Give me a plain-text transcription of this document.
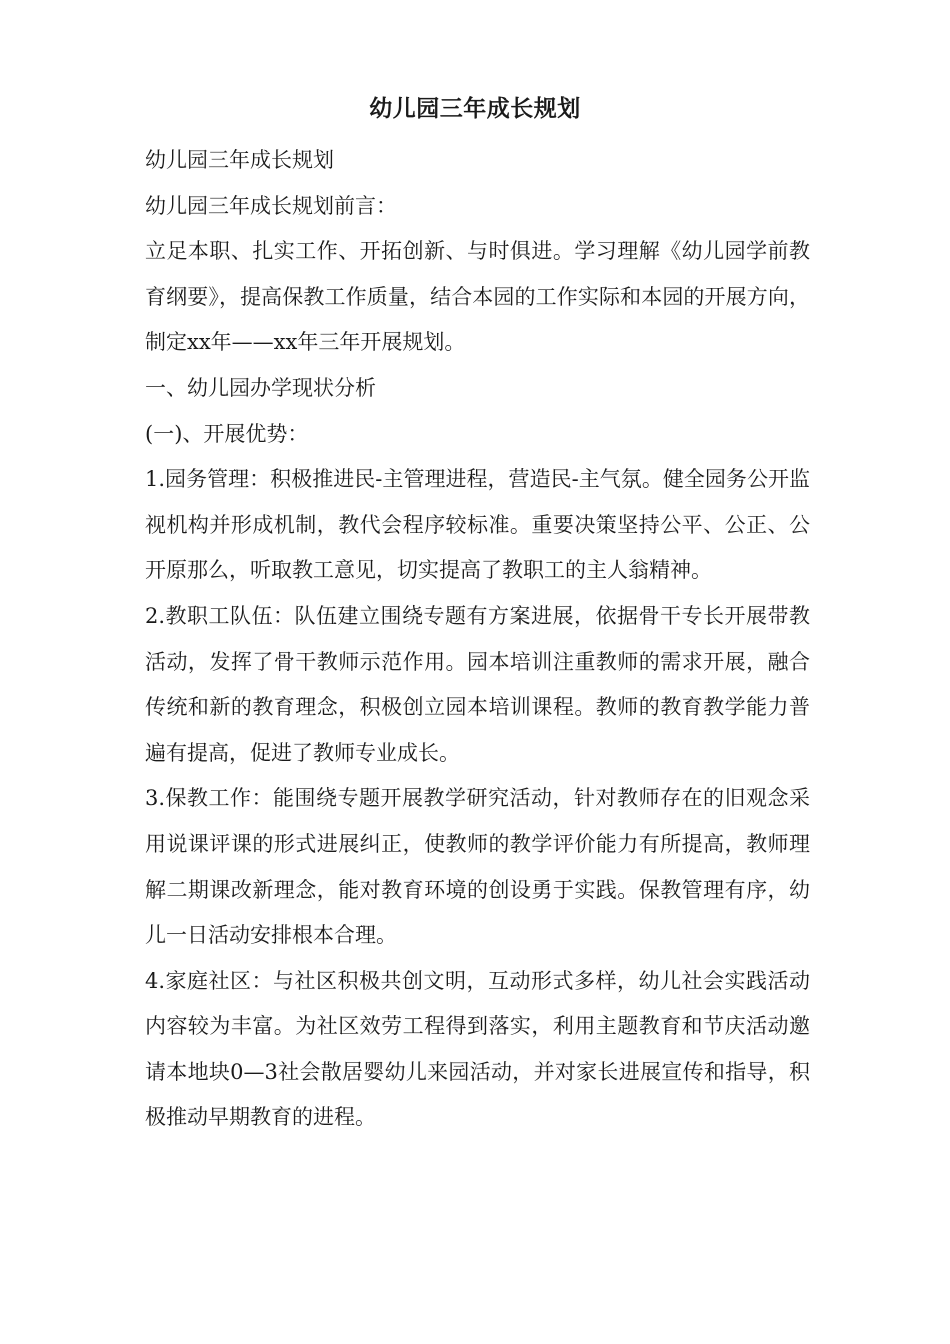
幼儿园三年成长规划

幼儿园三年成长规划

幼儿园三年成长规划前言：

立足本职、扎实工作、开拓创新、与时俱进。学习理解《幼儿园学前教育纲要》，提高保教工作质量，结合本园的工作实际和本园的开展方向，制定xx年——xx年三年开展规划。

一、幼儿园办学现状分析

(一)、开展优势：

1.园务管理：积极推进民-主管理进程，营造民-主气氛。健全园务公开监视机构并形成机制，教代会程序较标准。重要决策坚持公平、公正、公开原那么，听取教工意见，切实提高了教职工的主人翁精神。

2.教职工队伍：队伍建立围绕专题有方案进展，依据骨干专长开展带教活动，发挥了骨干教师示范作用。园本培训注重教师的需求开展，融合传统和新的教育理念，积极创立园本培训课程。教师的教育教学能力普遍有提高，促进了教师专业成长。

3.保教工作：能围绕专题开展教学研究活动，针对教师存在的旧观念采用说课评课的形式进展纠正，使教师的教学评价能力有所提高，教师理解二期课改新理念，能对教育环境的创设勇于实践。保教管理有序，幼儿一日活动安排根本合理。

4.家庭社区：与社区积极共创文明，互动形式多样，幼儿社会实践活动内容较为丰富。为社区效劳工程得到落实，利用主题教育和节庆活动邀请本地块0—3社会散居婴幼儿来园活动，并对家长进展宣传和指导，积极推动早期教育的进程。
